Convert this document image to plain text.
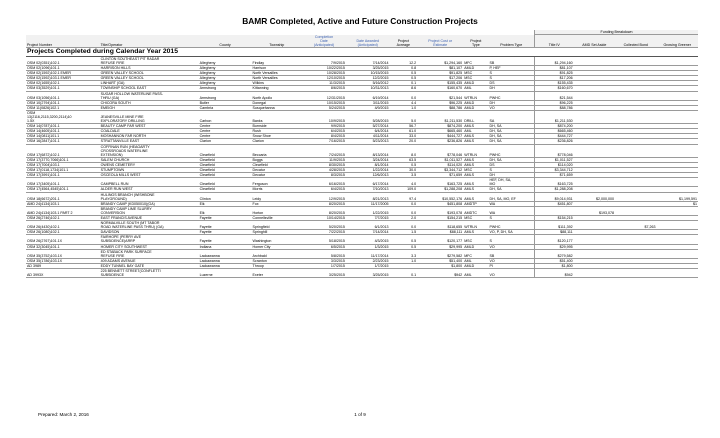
BAMR Completed, Active and Future Construction Projects
										Funding Breakdown			
Project Number	Title/Operator	County	Township	Completion
Date
(Anticipated)	Date Awarded
(Anticipated)	Project
Acreage	Project Cost or
Estimate	Project
Type	Problem Type	Title IV	AMD Set Aside	Collected Bond	Growing Greener
Projects Completed during Calendar Year 2015													
OSM 02(0351)102.1	CLINTON SOUTHEAST PIT RADAR
REFUSE FIRE	Allegheny	Findlay	7/9/2015	7/14/2014	12.2	$1,294,160	MFC	SB	$1,294,160			
OSM 02(1096)101.1	HARRISON HILLS	Allegheny	Harrison	10/22/2015	3/25/2015	0.8	$81,107	AMLD	P, HEF	$81,107			
OSM 02(1592)102.1 EMER	GREEN VALLEY SCHOOL	Allegheny	North Versailles	10/28/2015	10/15/2015	0.5	$91,825	MSC	S	$91,825			
OSM 02(1592)103.1 EMER	GREEN VALLEY SCHOOL	Allegheny	North Versailles	12/10/2015	12/2/2015	0.5	$17,206	MSC	S	$17,206			
OSM 02(1655)102.1	LINHART (GA)	Allegheny	Wilkins	11/3/2015	5/16/2012	0.1	$155,435	AMLD	DS	$155,435			
OSM 03(3529)101.1	TOWNSHIP SCHOOL EAST	Armstrong	Kittanning	8/6/2015	10/31/2013	8.6	$160,670	AML	DH	$160,670			
OSM 03(1056)101.1	SUGAR HOLLOW WATERLINE PASS-
THRU (GA)	Armstrong	North Apollo	12/31/2015	6/19/2014	0.0	$21,544	WTRLN	PWHC	$21,544			
OSM 10(2794)101.1	CHICORA SOUTH	Butler	Donegal	10/15/2015	3/11/2015	4.4	$96,225	AMLD	DH	$96,225			
OSM 11(0826)102.1	EMEIGH	Cambria	Susquehanna	5/24/2015	4/9/2015	1.0	$88,786	AMLD	VO	$88,786			
OSM
13(2116,2115,3200,2114)10
1.5X	JEANESVILLE MINE FIRE
EXPLORATORY DRILLING	Carbon	Banks	10/9/2015	5/28/2015	5.0	$1,211,530	DRILL	SA	$1,211,530			
OSM 14(0787)101.1	BEAUTY CAMP FAR WEST	Centre	Burnside	9/9/2015	5/27/2014	56.7	$874,200	AMLS	DH, SA	$874,200			
OSM 14(4605)101.1	COALDALE	Centre	Rush	6/4/2015	6/4/2014	61.0	$665,460	AML	DH, SA	$665,460			
OSM 14(0811)101.1	MOSHANNON FAR NORTH	Centre	Snow Shoe	8/4/2015	4/11/2014	33.0	$444,727	AMLS	DH, SA	$444,727			
OSM 16(2847)101.1	STRATTANVILLE EAST	Clarion	Clarion	7/16/2015	5/23/2013	20.0	$236,826	AMLS	DH, SA	$236,826			
OSM 17(6872)102.1	COFFINAN RUN (HEAGARTY
CROSSROADS WATERLINE
EXTENSION)	Clearfield	Beccaria	7/24/2015	8/13/2014	8.0	$778,046	WTRLN	PWHC	$778,046			
OSM 17(3770,7066)101.1	SALEM CHURCH	Clearfield	Boggs	11/9/2015	3/24/2014	63.5	$1,011,527	AMLS	DH, SA	$1,011,527			
OSM 17(7004)103.1	OWENS CEMETERY	Clearfield	Clearfield	8/30/2015	8/1/2014	0.5	$114,020	AMLS	DS	$114,020			
OSM 17(0118,1734)101.1	STUMPTOWN	Clearfield	Decatur	4/28/2015	1/22/2014	30.0	$3,344,712	MSC	S	$3,344,712			
OSM 17(3991)101.1	OSCEOLA MILLS WEST	Clearfield	Decatur	8/3/2015	12/6/2013	3.5	$71,659	AMLS	DH	$71,659			
OSM 17(3405)101.1	CAMPBELL RUN	Clearfield	Ferguson	6/16/2015	6/17/2014	4.0	$163,725	AMLS	HEF, DH, SA,
MO	$163,725			
OSM 17(4564,4545)101.1	ALDER RUN WEST	Clearfield	Morris	6/4/2015	7/10/2013	109.0	$1,288,208	AMLS	DH, SA	$1,288,208			
OSM 18(6672)201.1	HULINGS BRANCH (WISHBONE
PLAYGROUND)	Clinton	Leidy	12/9/2015	8/21/2013	97.4	$10,552,176	AMLS	DH, SA, MO, EF	$9,014,931	$2,000,000		$1,199,591
AMD 24(4134)103.1	BRANDY CAMP (KD050010)(GA)	Elk	Fox	8/20/2015	11/17/2005	0.0	$451,808	AMDTP	WA	$451,807			$1
AMD 24(4134)103.1 PART 2	BRANDY CAMP LIME SLURRY
CONVERSION	Elk	Horton	8/20/2015	1/22/2015	0.0	$193,078	AMDTC	WA		$193,078		
OSM 26(2746)102.1	EAST FRANCIS AVENUE	Fayette	Connellsville	10/14/2015	7/7/2015	2.0	$154,215	MSC	S	$154,215			
OSM 26(4430)102.1	NORMALVILLE SOUTH (MT TABOR
ROAD WATERLINE PASS THRU) (GA)	Fayette	Springfield	5/20/2015	6/1/2013	0.0	$118,655	WTRLN	PWHC	$111,392		$7,263	
OSM 26(1080)102.1	DAVIDSON	Fayette	Springhill	7/22/2015	7/14/2014	1.5	$88,111	AMLS	VO, P, DH, SA	$88,111			
OSM 26(2767)101.1X	FAIRHOPE (PERRY AVE
SUBSIDENCE)ARRP	Fayette	Washington	5/18/2015	4/3/2015	0.5	$120,177	MSC	S	$120,177			
OSM 32(3045)101.1	HOMER CITY SOUTHWEST	Indiana	Homer City	6/5/2015	1/3/2015	0.5	$29,995	AMLD	VO	$29,995			
OSM 35(3752)103.1X	ED STABACK PARK SURFACE
REFUSE FIRE	Lackawanna	Archbald	5/8/2015	11/17/2014	3.3	$279,582	MFC	SB	$279,582			
OSM 35(1786)103.1X	409 ADAMS AVENUE	Lackawanna	Scranton	3/3/2015	2/23/2015	1.0	$51,400	AML	VO	$51,400			
AD 3989	EDDY TUNNEL BAY GATE	Lackawanna	Throop	1/7/2015	1/7/2015		$1,800	AMLD	PI	$1,800			
AD 3993X	225 BENNETT STREET(CONFLETTI
SUBSIDENCE	Luzerne	Exeter	3/25/2015	3/25/2015	0.1	$942	AML	VO	$942			
Prepared: March 2, 2016	1 of 9
